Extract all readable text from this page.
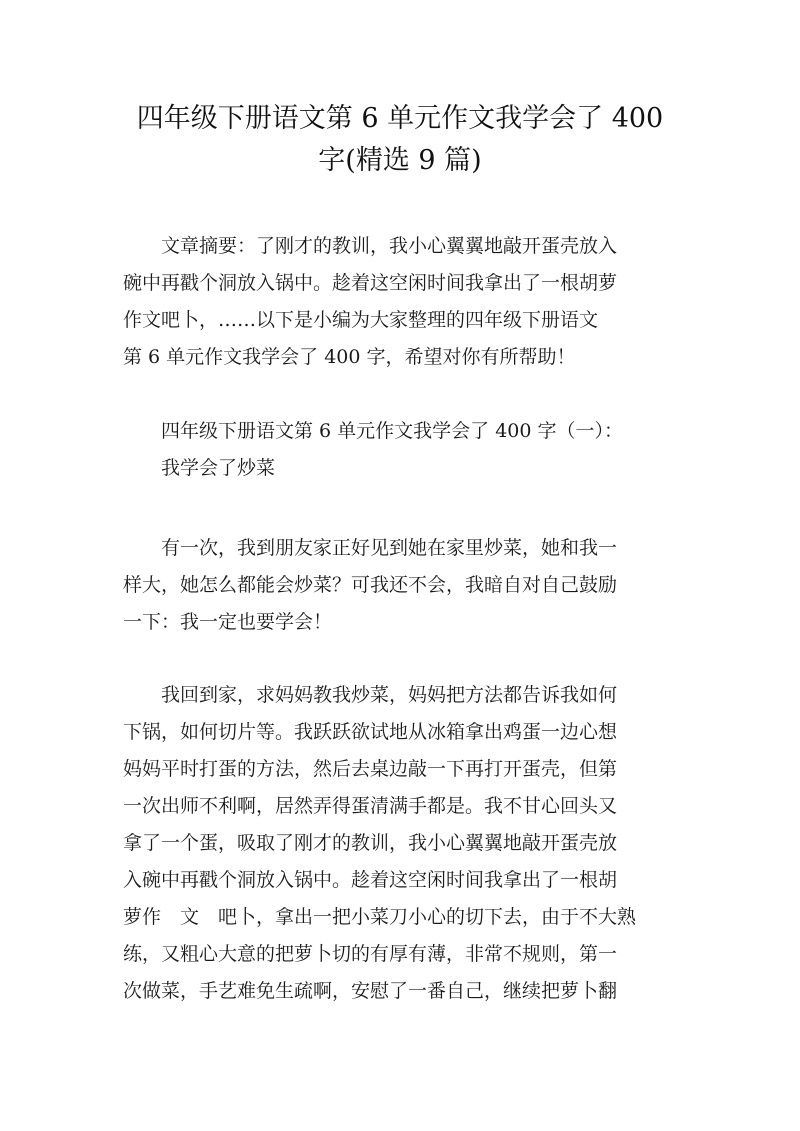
四年级下册语文第 6 单元作文我学会了 400
字(精选 9 篇)
　　文章摘要：了刚才的教训，我小心翼翼地敲开蛋壳放入
碗中再戳个洞放入锅中。趁着这空闲时间我拿出了一根胡萝
作文吧卜，……以下是小编为大家整理的四年级下册语文
第 6 单元作文我学会了 400 字，希望对你有所帮助！
　　四年级下册语文第 6 单元作文我学会了 400 字（一）：
　　我学会了炒菜
　　有一次，我到朋友家正好见到她在家里炒菜，她和我一
样大，她怎么都能会炒菜？可我还不会，我暗自对自己鼓励
一下：我一定也要学会！
　　我回到家，求妈妈教我炒菜，妈妈把方法都告诉我如何
下锅，如何切片等。我跃跃欲试地从冰箱拿出鸡蛋一边心想
妈妈平时打蛋的方法，然后去桌边敲一下再打开蛋壳，但第
一次出师不利啊，居然弄得蛋清满手都是。我不甘心回头又
拿了一个蛋，吸取了刚才的教训，我小心翼翼地敲开蛋壳放
入碗中再戳个洞放入锅中。趁着这空闲时间我拿出了一根胡
萝作　文　吧卜，拿出一把小菜刀小心的切下去，由于不大熟
练，又粗心大意的把萝卜切的有厚有薄，非常不规则，第一
次做菜，手艺难免生疏啊，安慰了一番自己，继续把萝卜翻
